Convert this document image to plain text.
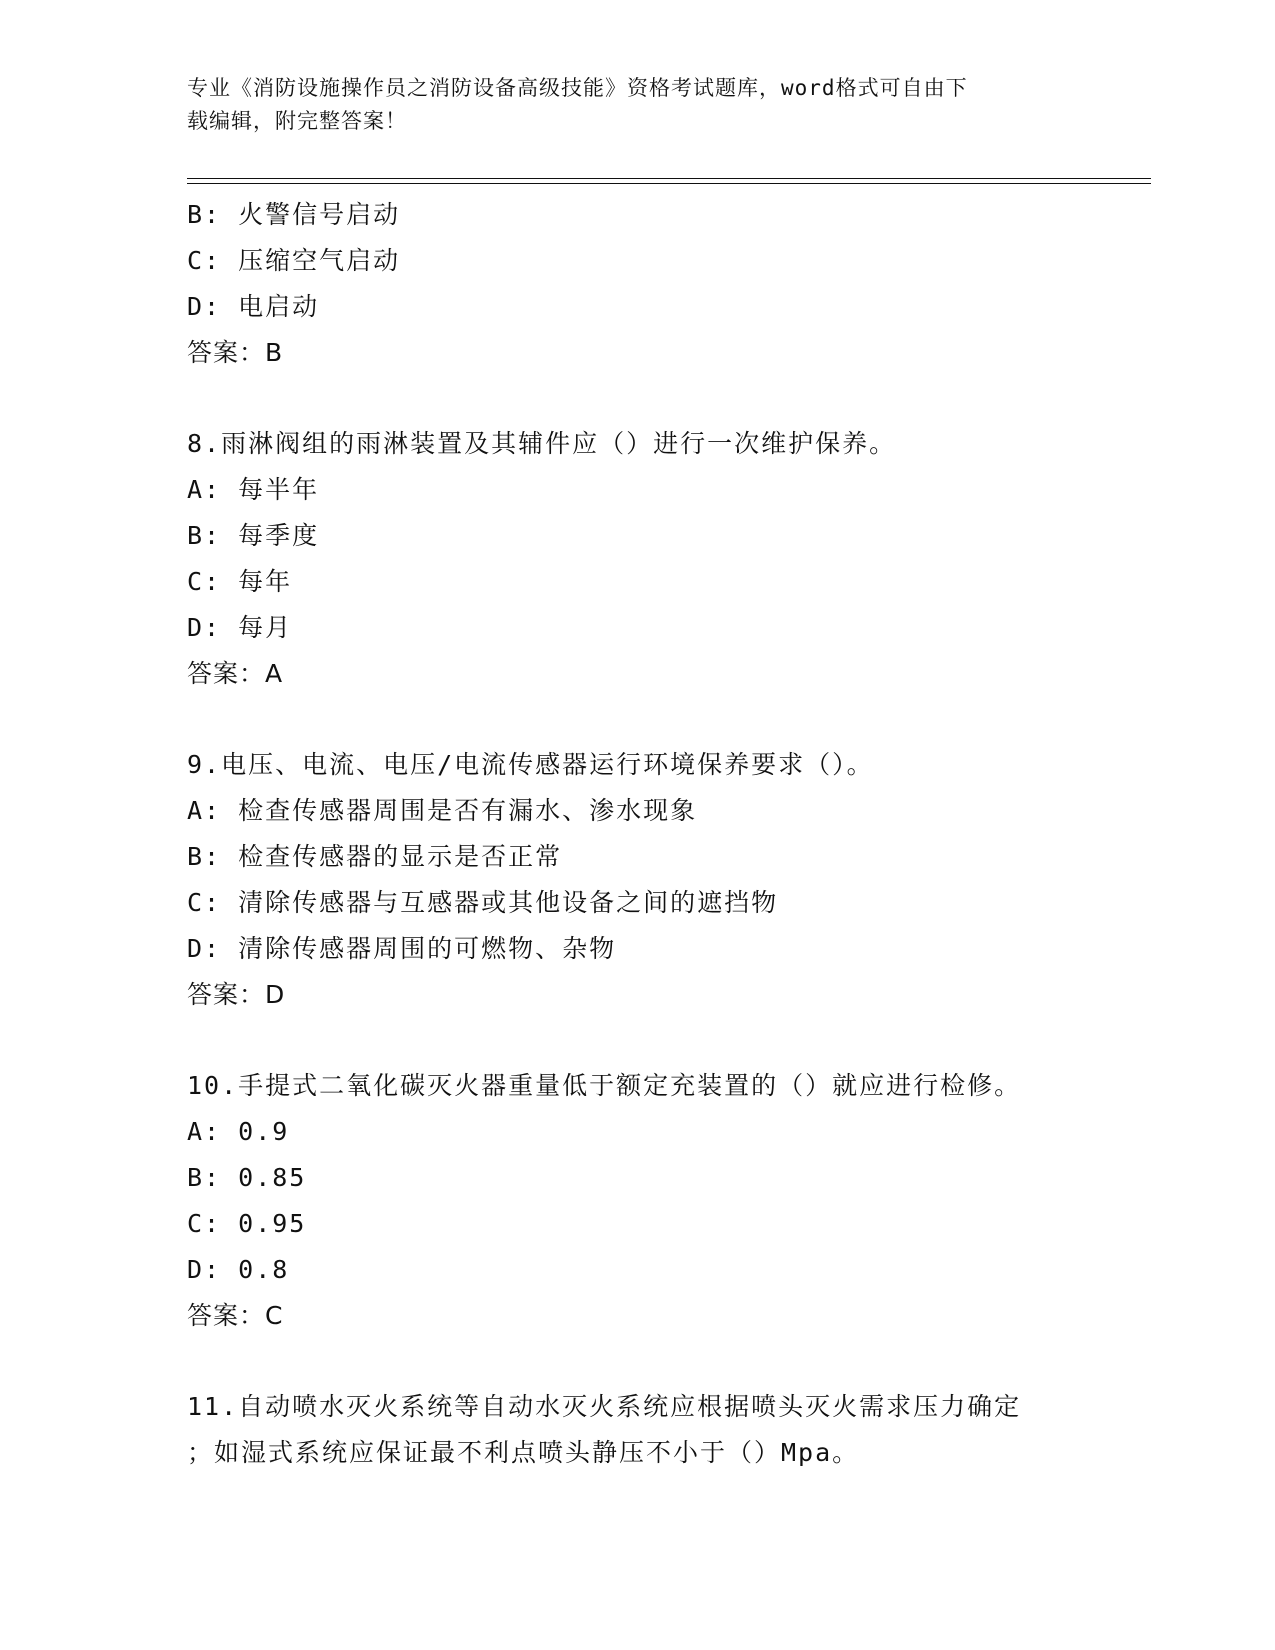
专业《消防设施操作员之消防设备高级技能》资格考试题库，word格式可自由下
载编辑，附完整答案！
B: 火警信号启动
C: 压缩空气启动
D: 电启动
答案：B
8.雨淋阀组的雨淋装置及其辅件应（）进行一次维护保养。
A: 每半年
B: 每季度
C: 每年
D: 每月
答案：A
9.电压、电流、电压/电流传感器运行环境保养要求（）。
A: 检查传感器周围是否有漏水、渗水现象
B: 检查传感器的显示是否正常
C: 清除传感器与互感器或其他设备之间的遮挡物
D: 清除传感器周围的可燃物、杂物
答案：D
10.手提式二氧化碳灭火器重量低于额定充装置的（）就应进行检修。
A: 0.9
B: 0.85
C: 0.95
D: 0.8
答案：C
11.自动喷水灭火系统等自动水灭火系统应根据喷头灭火需求压力确定
；如湿式系统应保证最不利点喷头静压不小于（）Mpa。
